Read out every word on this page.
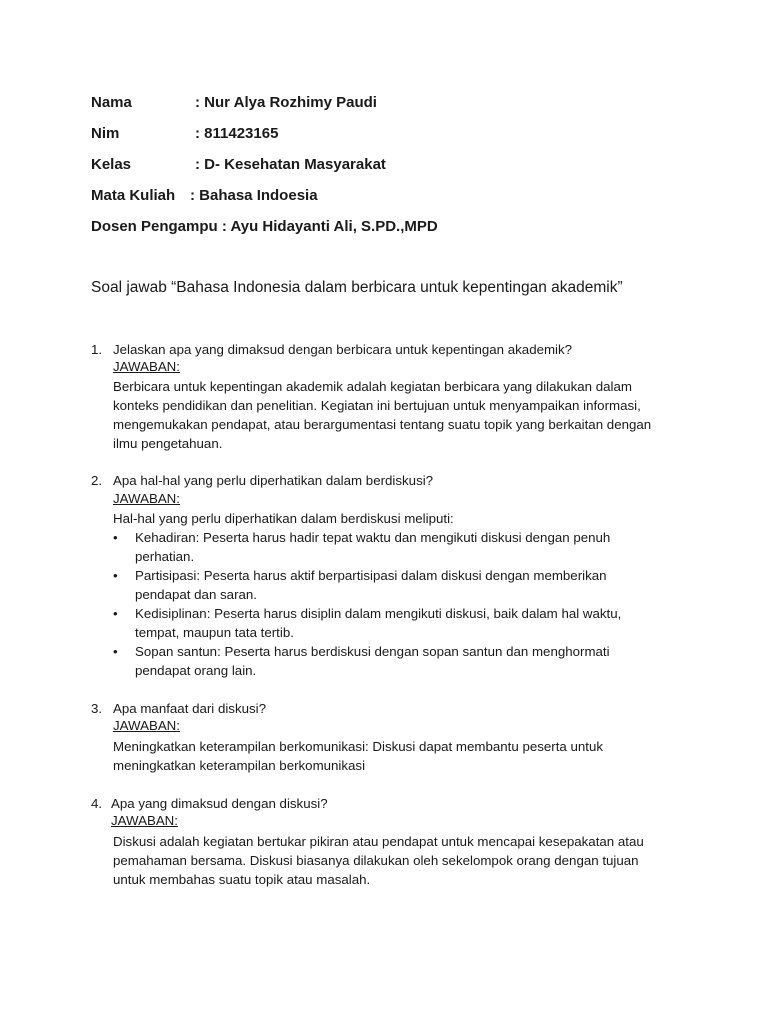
Nama	: Nur Alya Rozhimy Paudi
Nim	: 811423165
Kelas	: D- Kesehatan Masyarakat
Mata Kuliah : Bahasa Indoesia
Dosen Pengampu : Ayu Hidayanti Ali, S.PD.,MPD
Soal jawab “Bahasa Indonesia dalam berbicara untuk kepentingan akademik”
1. Jelaskan apa yang dimaksud dengan berbicara untuk kepentingan akademik?
JAWABAN:
Berbicara untuk kepentingan akademik adalah kegiatan berbicara yang dilakukan dalam
konteks pendidikan dan penelitian. Kegiatan ini bertujuan untuk menyampaikan informasi,
mengemukakan pendapat, atau berargumentasi tentang suatu topik yang berkaitan dengan
ilmu pengetahuan.
2. Apa hal-hal yang perlu diperhatikan dalam berdiskusi?
JAWABAN:
Hal-hal yang perlu diperhatikan dalam berdiskusi meliputi:
• Kehadiran: Peserta harus hadir tepat waktu dan mengikuti diskusi dengan penuh
perhatian.
• Partisipasi: Peserta harus aktif berpartisipasi dalam diskusi dengan memberikan
pendapat dan saran.
• Kedisiplinan: Peserta harus disiplin dalam mengikuti diskusi, baik dalam hal waktu,
tempat, maupun tata tertib.
• Sopan santun: Peserta harus berdiskusi dengan sopan santun dan menghormati
pendapat orang lain.
3. Apa manfaat dari diskusi?
JAWABAN:
Meningkatkan keterampilan berkomunikasi: Diskusi dapat membantu peserta untuk
meningkatkan keterampilan berkomunikasi
4. Apa yang dimaksud dengan diskusi?
JAWABAN:
Diskusi adalah kegiatan bertukar pikiran atau pendapat untuk mencapai kesepakatan atau
pemahaman bersama. Diskusi biasanya dilakukan oleh sekelompok orang dengan tujuan
untuk membahas suatu topik atau masalah.
